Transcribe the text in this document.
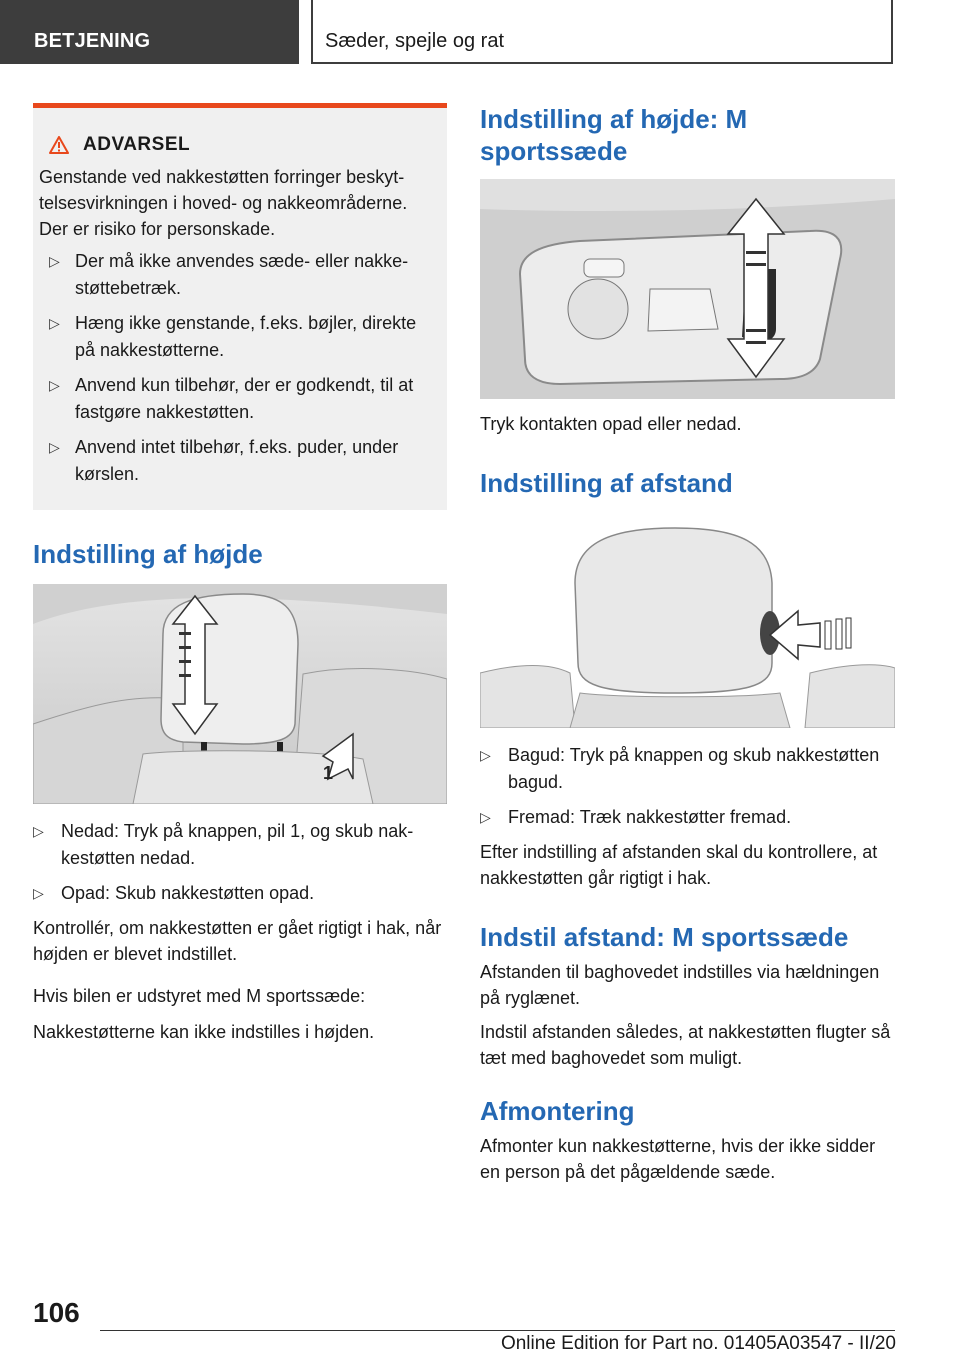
BETJENING	Sæder, spejle og rat
ADVARSEL
Genstande ved nakkestøtten forringer beskyttelsesvirkningen i hoved- og nakkeområderne. Der er risiko for personskade.
▷ Der må ikke anvendes sæde- eller nakkestøttebetræk.
▷ Hæng ikke genstande, f.eks. bøjler, direkte på nakkestøtterne.
▷ Anvend kun tilbehør, der er godkendt, til at fastgøre nakkestøtten.
▷ Anvend intet tilbehør, f.eks. puder, under kørslen.
Indstilling af højde
1
▷ Nedad: Tryk på knappen, pil 1, og skub nakkestøtten nedad.
▷ Opad: Skub nakkestøtten opad.

Kontrollér, om nakkestøtten er gået rigtigt i hak, når højden er blevet indstillet.

Hvis bilen er udstyret med M sportssæde:

Nakkestøtterne kan ikke indstilles i højden.

Indstilling af højde: M sportssæde

Tryk kontakten opad eller nedad.

Indstilling af afstand
▷ Bagud: Tryk på knappen og skub nakkestøtten bagud.
▷ Fremad: Træk nakkestøtter fremad.

Efter indstilling af afstanden skal du kontrollere, at nakkestøtten går rigtigt i hak.

Indstil afstand: M sportssæde

Afstanden til baghovedet indstilles via hældningen på ryglænet.

Indstil afstanden således, at nakkestøtten flugter så tæt med baghovedet som muligt.

Afmontering

Afmonter kun nakkestøtterne, hvis der ikke sidder en person på det pågældende sæde.

106
Online Edition for Part no. 01405A03547 - II/20
